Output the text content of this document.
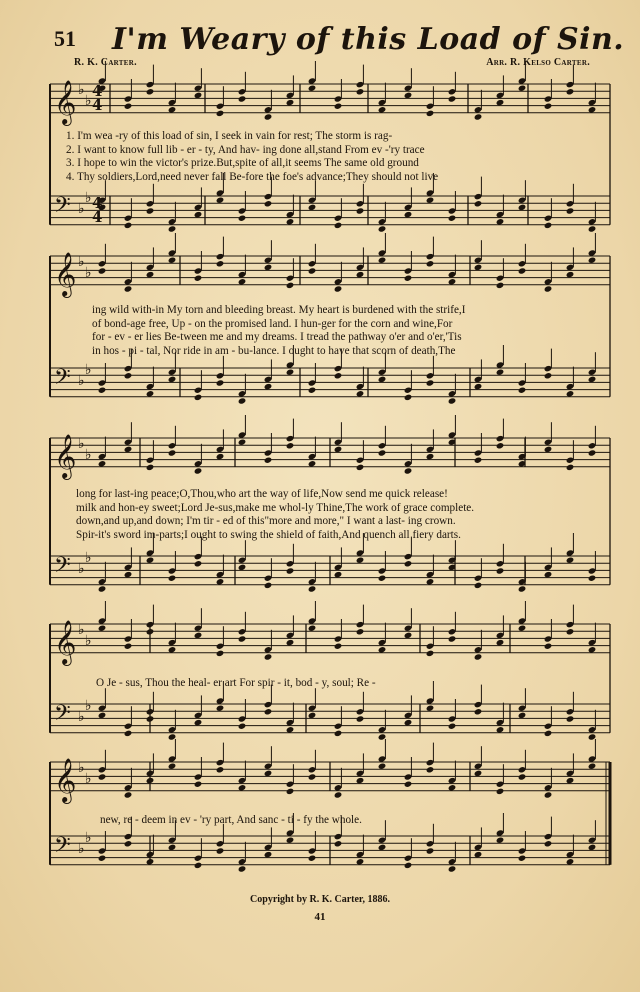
51 I'm Weary of this Load of Sin.
R. K. Carter.	Arr. R. Kelso Carter.
𝄞 ♭
♭
𝄢 ♭
♭
𝄞 ♭
♭
𝄢 ♭
♭
𝄞 ♭
♭
𝄢 ♭
♭
𝄞 ♭
♭
𝄢 ♭
♭
𝄞 ♭
♭
𝄢 ♭
♭
4
4
4
4
1. I'm wea -ry of this load of sin, I seek in vain for rest; The storm is rag-
2. I want to know full lib - er - ty, And hav- ing done all,stand From ev -'ry trace
3. I hope to win the victor's prize.But,spite of all,it seems The same old ground
4. Thy soldiers,Lord,need never fall Be-fore the foe's advance;They should not live
ing wild with-in My torn and bleeding breast. My heart is burdened with the strife,I
of bond-age free, Up - on the promised land. I hun-ger for the corn and wine,For
for - ev - er lies Be-tween me and my dreams. I tread the pathway o'er and o'er,'Tis
in hos - pi - tal, Nor ride in am - bu-lance. I ought to have that scorn of death,The
long for last-ing peace;O,Thou,who art the way of life,Now send me quick release!
milk and hon-ey sweet;Lord Je-sus,make me whol-ly Thine,The work of grace complete.
down,and up,and down; I'm tir - ed of this"more and more," I want a last- ing crown.
Spir-it's sword im-parts;I ought to swing the shield of faith,And quench all fiery darts.
O Je - sus, Thou the heal- er art For spir - it, bod - y, soul; Re -
new, re - deem in ev - 'ry part, And sanc - ti - fy the whole.
Copyright by R. K. Carter, 1886.
41
